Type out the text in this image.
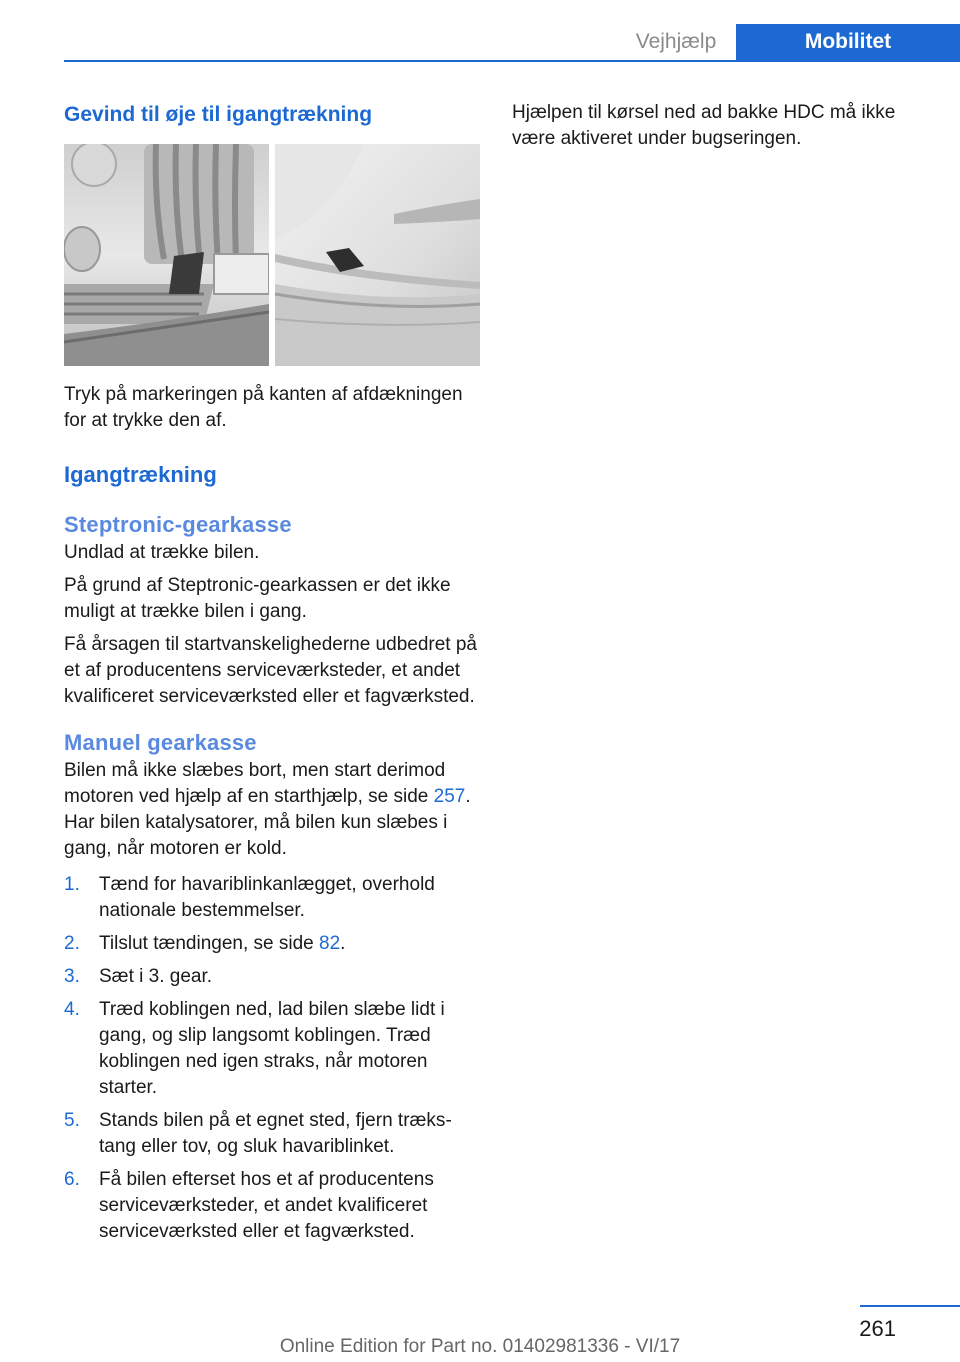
Vejhjælp	Mobilitet
Gevind til øje til igangtrækning

Tryk på markeringen på kanten af afdækningen for at trykke den af.

Igangtrækning
Steptronic-gearkasse

Undlad at trække bilen.

På grund af Steptronic-gearkassen er det ikke muligt at trække bilen i gang.

Få årsagen til startvanskelighederne udbedret på et af producentens serviceværksteder, et andet kvalificeret serviceværksted eller et fagværksted.

Manuel gearkasse

Bilen må ikke slæbes bort, men start derimod motoren ved hjælp af en starthjælp, se side 257. Har bilen katalysatorer, må bilen kun slæbes i gang, når motoren er kold.

1. Tænd for havariblinkanlægget, overhold nationale bestemmelser.
2. Tilslut tændingen, se side 82.
3. Sæt i 3. gear.
4. Træd koblingen ned, lad bilen slæbe lidt i gang, og slip langsomt koblingen. Træd koblingen ned igen straks, når motoren starter.
5. Stands bilen på et egnet sted, fjern trækstang eller tov, og sluk havariblinket.
6. Få bilen efterset hos et af producentens serviceværksteder, et andet kvalificeret serviceværksted eller et fagværksted.

Hjælpen til kørsel ned ad bakke HDC må ikke være aktiveret under bugseringen.

261
Online Edition for Part no. 01402981336 - VI/17
